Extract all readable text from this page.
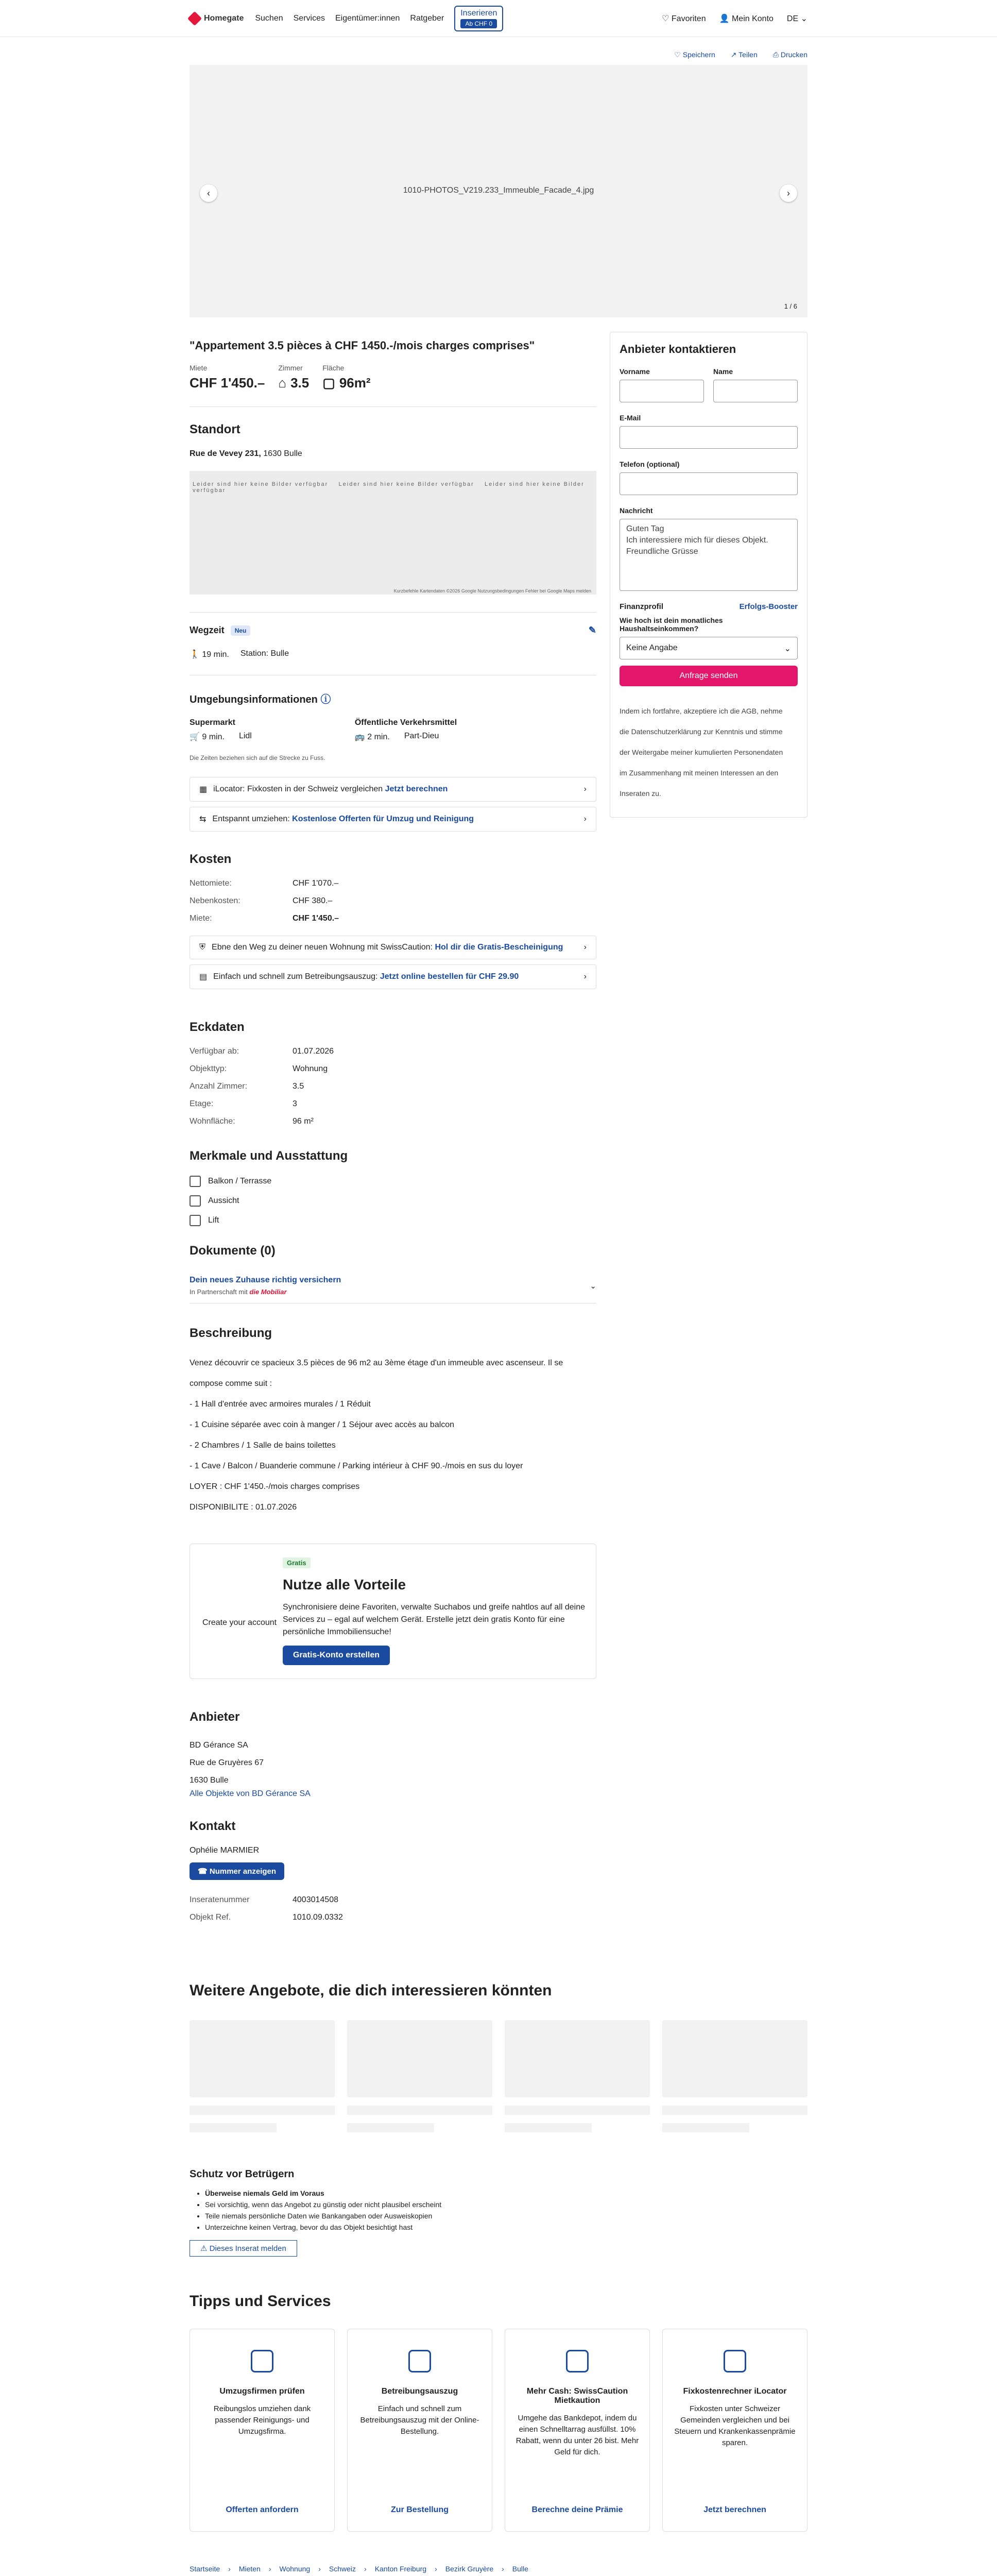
Homegate Suchen Services Eigentümer:innen Ratgeber
Inserieren
Ab CHF 0
♡ Favoriten 👤 Mein Konto DE ⌄
♡ Speichern ↗ Teilen ⎙ Drucken
1010-PHOTOS_V219.233_Immeuble_Facade_4.jpg
‹	›
1 / 6
"Appartement 3.5 pièces à CHF 1450.-/mois charges comprises"
Miete
CHF 1'450.–
Zimmer
⌂ 3.5
Fläche
▢ 96m²
Standort
Rue de Vevey 231, 1630 Bulle
Leider sind hier keine Bilder verfügbar Leider sind hier keine Bilder verfügbar Leider sind hier keine Bilder verfügbar
Kurzbefehle Kartendaten ©2026 Google Nutzungsbedingungen Fehler bei Google Maps melden
Wegzeit	Neu	✎
🚶 19 min. Station: Bulle
Umgebungsinformationen ⓘ
Supermarkt
🛒 9 min. Lidl
Öffentliche Verkehrsmittel
🚌 2 min. Part-Dieu
Die Zeiten beziehen sich auf die Strecke zu Fuss.
▦ iLocator: Fixkosten in der Schweiz vergleichen Jetzt berechnen	›
⇆ Entspannt umziehen: Kostenlose Offerten für Umzug und Reinigung	›
Kosten
Nettomiete:	CHF 1'070.–
Nebenkosten:	CHF 380.–
Miete:	CHF 1'450.–
⛨ Ebne den Weg zu deiner neuen Wohnung mit SwissCaution: Hol dir die Gratis-Bescheinigung	›
▤ Einfach und schnell zum Betreibungsauszug: Jetzt online bestellen für CHF 29.90	›
Eckdaten
Verfügbar ab:	01.07.2026
Objekttyp:	Wohnung
Anzahl Zimmer:	3.5
Etage:	3
Wohnfläche:	96 m²
Merkmale und Ausstattung
Balkon / Terrasse
Aussicht
Lift
Dokumente (0)
Dein neues Zuhause richtig versichern
In Partnerschaft mit die Mobiliar
⌄
Beschreibung

Venez découvrir ce spacieux 3.5 pièces de 96 m2 au 3ème étage d'un immeuble avec ascenseur. Il se

compose comme suit :

- 1 Hall d'entrée avec armoires murales / 1 Réduit

- 1 Cuisine séparée avec coin à manger / 1 Séjour avec accès au balcon

- 2 Chambres / 1 Salle de bains toilettes

- 1 Cave / Balcon / Buanderie commune / Parking intérieur à CHF 90.-/mois en sus du loyer

LOYER : CHF 1'450.-/mois charges comprises

DISPONIBILITE : 01.07.2026

Create your account
Gratis
Nutze alle Vorteile

Synchronisiere deine Favoriten, verwalte Suchabos und greife nahtlos auf all deine Services zu – egal auf welchem Gerät. Erstelle jetzt dein gratis Konto für eine persönliche Immobiliensuche!

Gratis-Konto erstellen
Anbieter

BD Gérance SA

Rue de Gruyères 67

1630 Bulle

Alle Objekte von BD Gérance SA
Kontakt
Ophélie MARMIER
☎ Nummer anzeigen
Inseratenummer	4003014508
Objekt Ref.	1010.09.0332
Anbieter kontaktieren
Vorname	Name
E-Mail
Telefon (optional)
Nachricht
Guten Tag
Ich interessiere mich für dieses Objekt.
Freundliche Grüsse
Finanzprofil	Erfolgs-Booster
Wie hoch ist dein monatliches Haushaltseinkommen?
Keine Angabe	⌄
Anfrage senden
Indem ich fortfahre, akzeptiere ich die AGB, nehme
die Datenschutzerklärung zur Kenntnis und stimme
der Weitergabe meiner kumulierten Personendaten
im Zusammenhang mit meinen Interessen an den
Inseraten zu.
Weitere Angebote, die dich interessieren könnten
Schutz vor Betrügern
• Überweise niemals Geld im Voraus
• Sei vorsichtig, wenn das Angebot zu günstig oder nicht plausibel erscheint
• Teile niemals persönliche Daten wie Bankangaben oder Ausweiskopien
• Unterzeichne keinen Vertrag, bevor du das Objekt besichtigt hast
⚠ Dieses Inserat melden
Tipps und Services
Umzugsfirmen prüfen
Reibungslos umziehen dank passender Reinigungs- und Umzugsfirma.
Offerten anfordern
Betreibungsauszug
Einfach und schnell zum Betreibungsauszug mit der Online-Bestellung.
Zur Bestellung
Mehr Cash: SwissCaution Mietkaution
Umgehe das Bankdepot, indem du einen Schnelltarrag ausfüllst. 10% Rabatt, wenn du unter 26 bist. Mehr Geld für dich.
Berechne deine Prämie
Fixkostenrechner iLocator
Fixkosten unter Schweizer Gemeinden vergleichen und bei Steuern und Krankenkassenprämie sparen.
Jetzt berechnen
Startseite › Mieten › Wohnung › Schweiz › Kanton Freiburg › Bezirk Gruyère › Bulle
